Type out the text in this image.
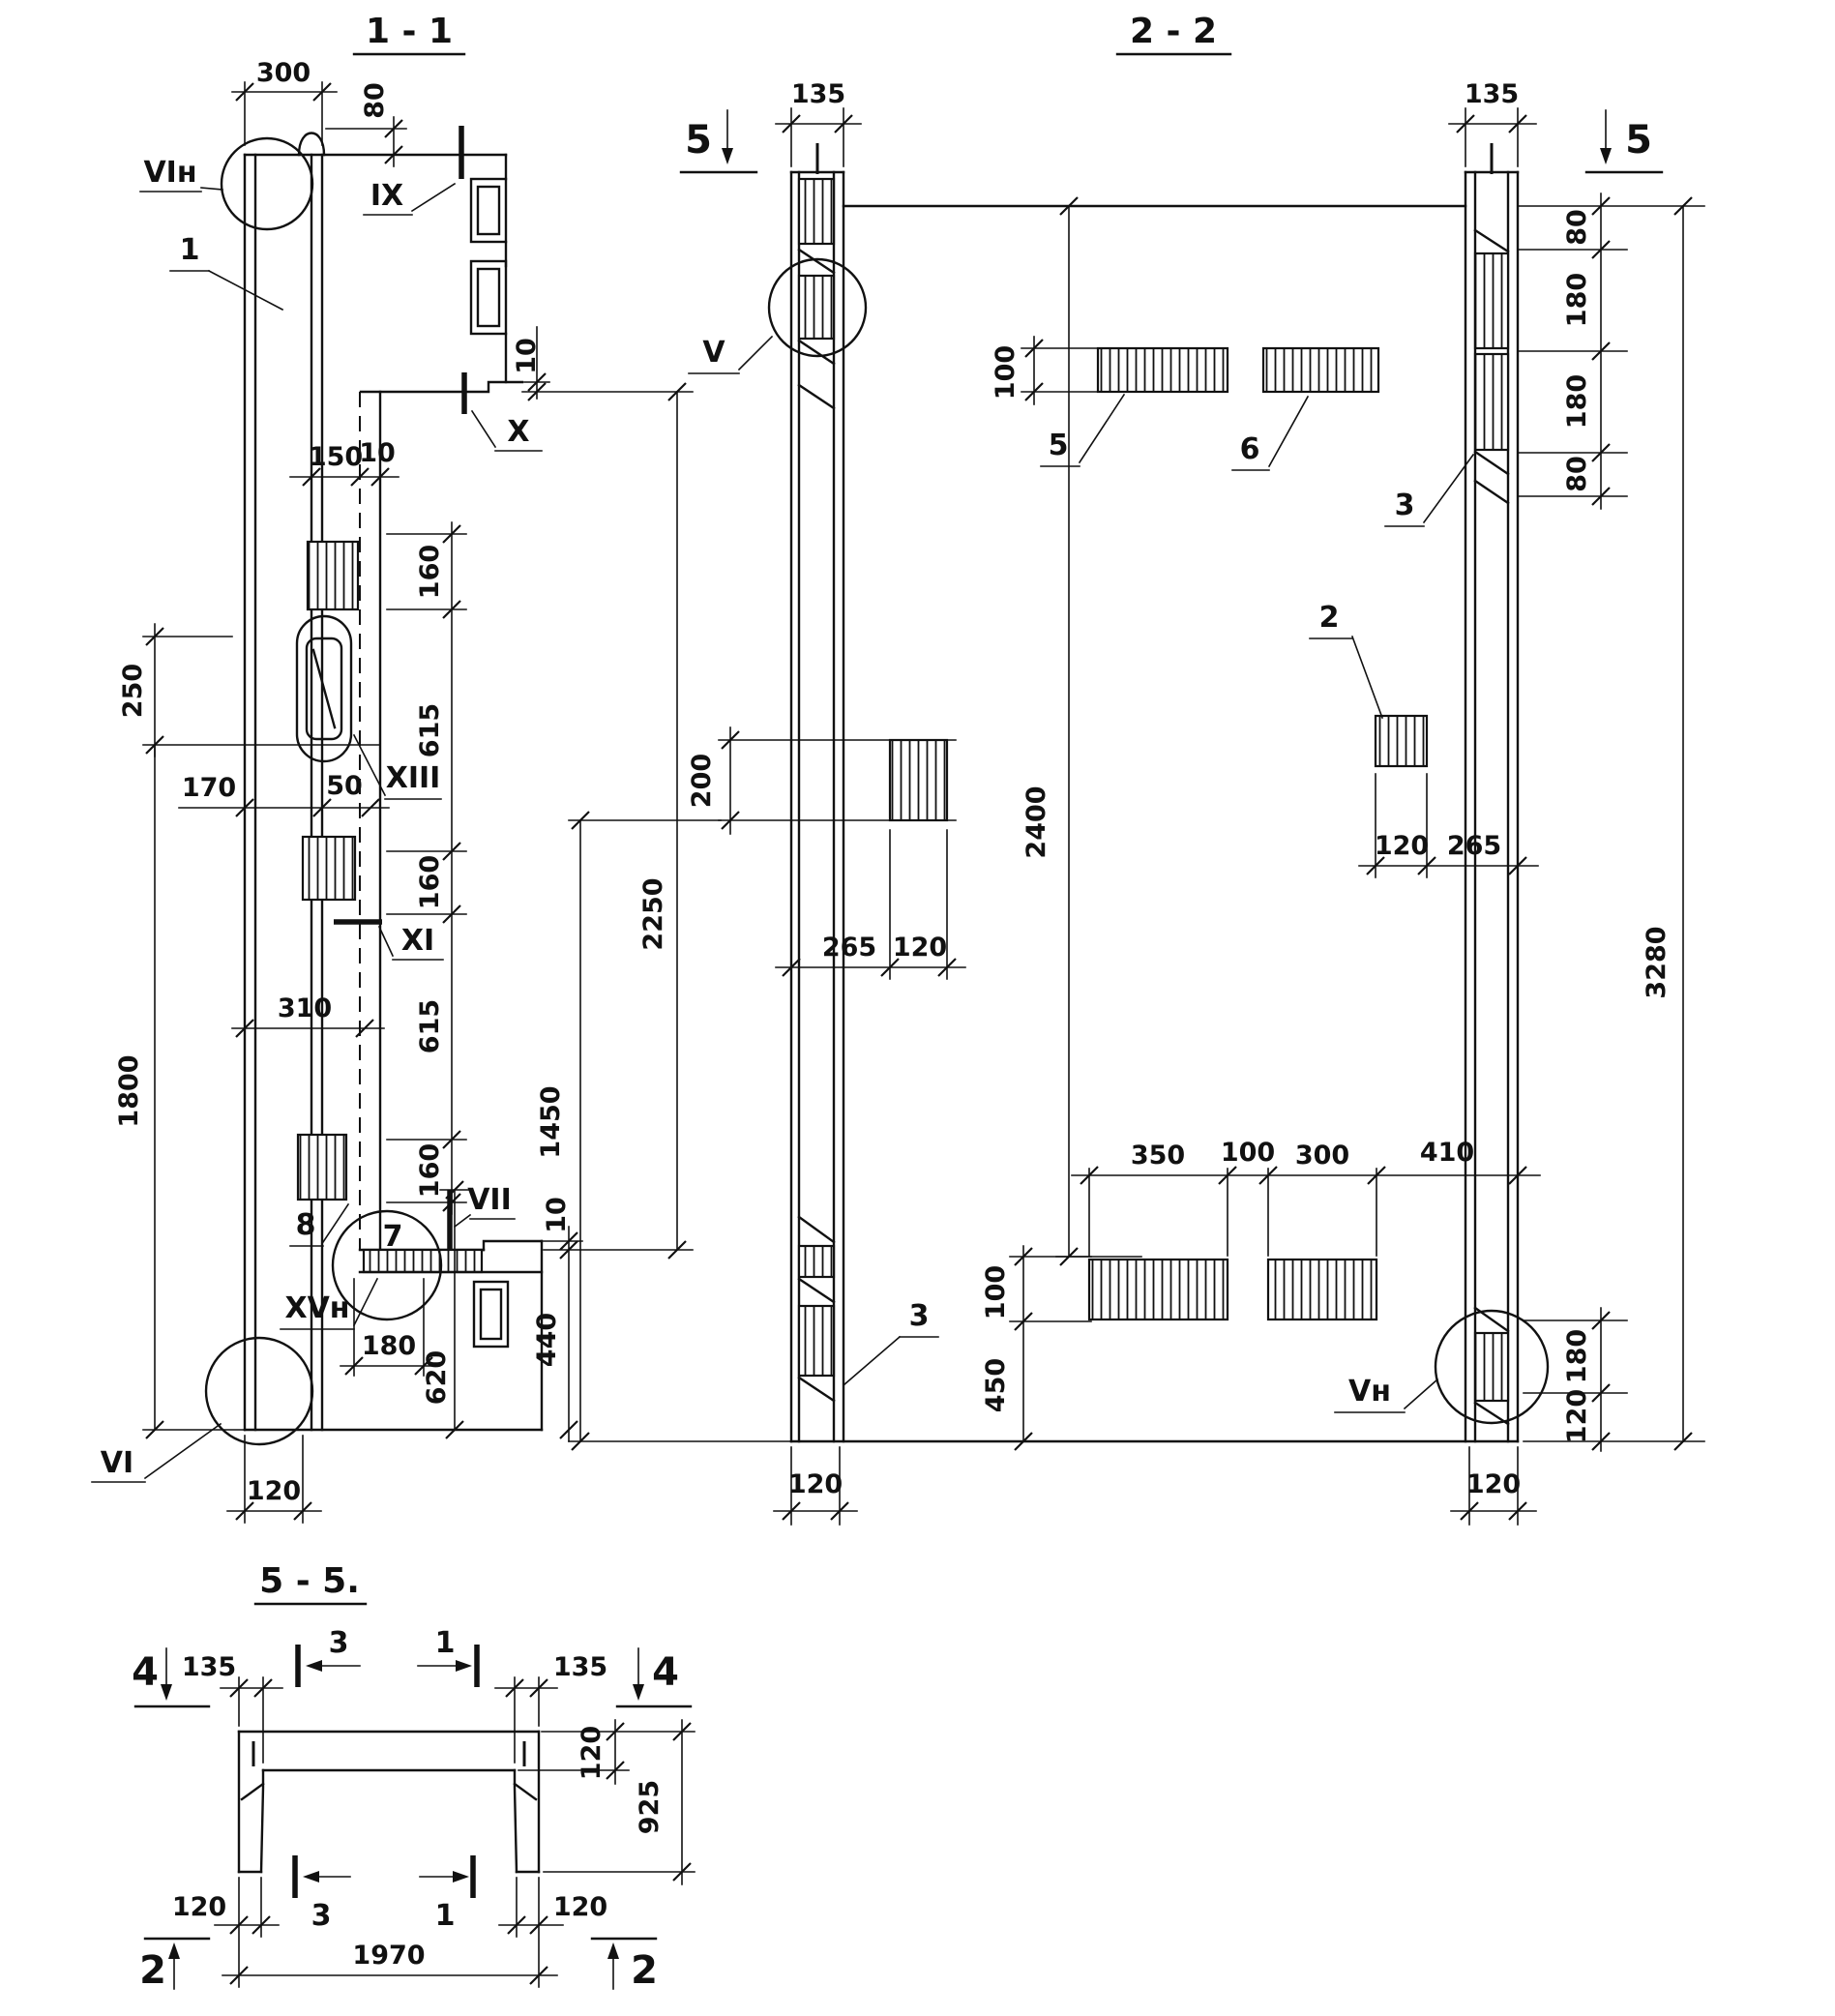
1 - 1
300
80
IX
10
X
150
10
160
615
160
615
160
2250
250
1800
170	50
310
180
620
10
440
120
VIн
1
XIII
XI
8 7
VII
XVн
VI
2 - 2
135	135
5	5
80
180
180
80
3280
180
120
120	120
200
1450
2400
100
450
265 120
120 265
350 100 300	410
100
5	6
3
3
2
V
Vн
5 - 5.
135	135
4	4
3	1
3	1
120
925
120	120
1970
2	2
